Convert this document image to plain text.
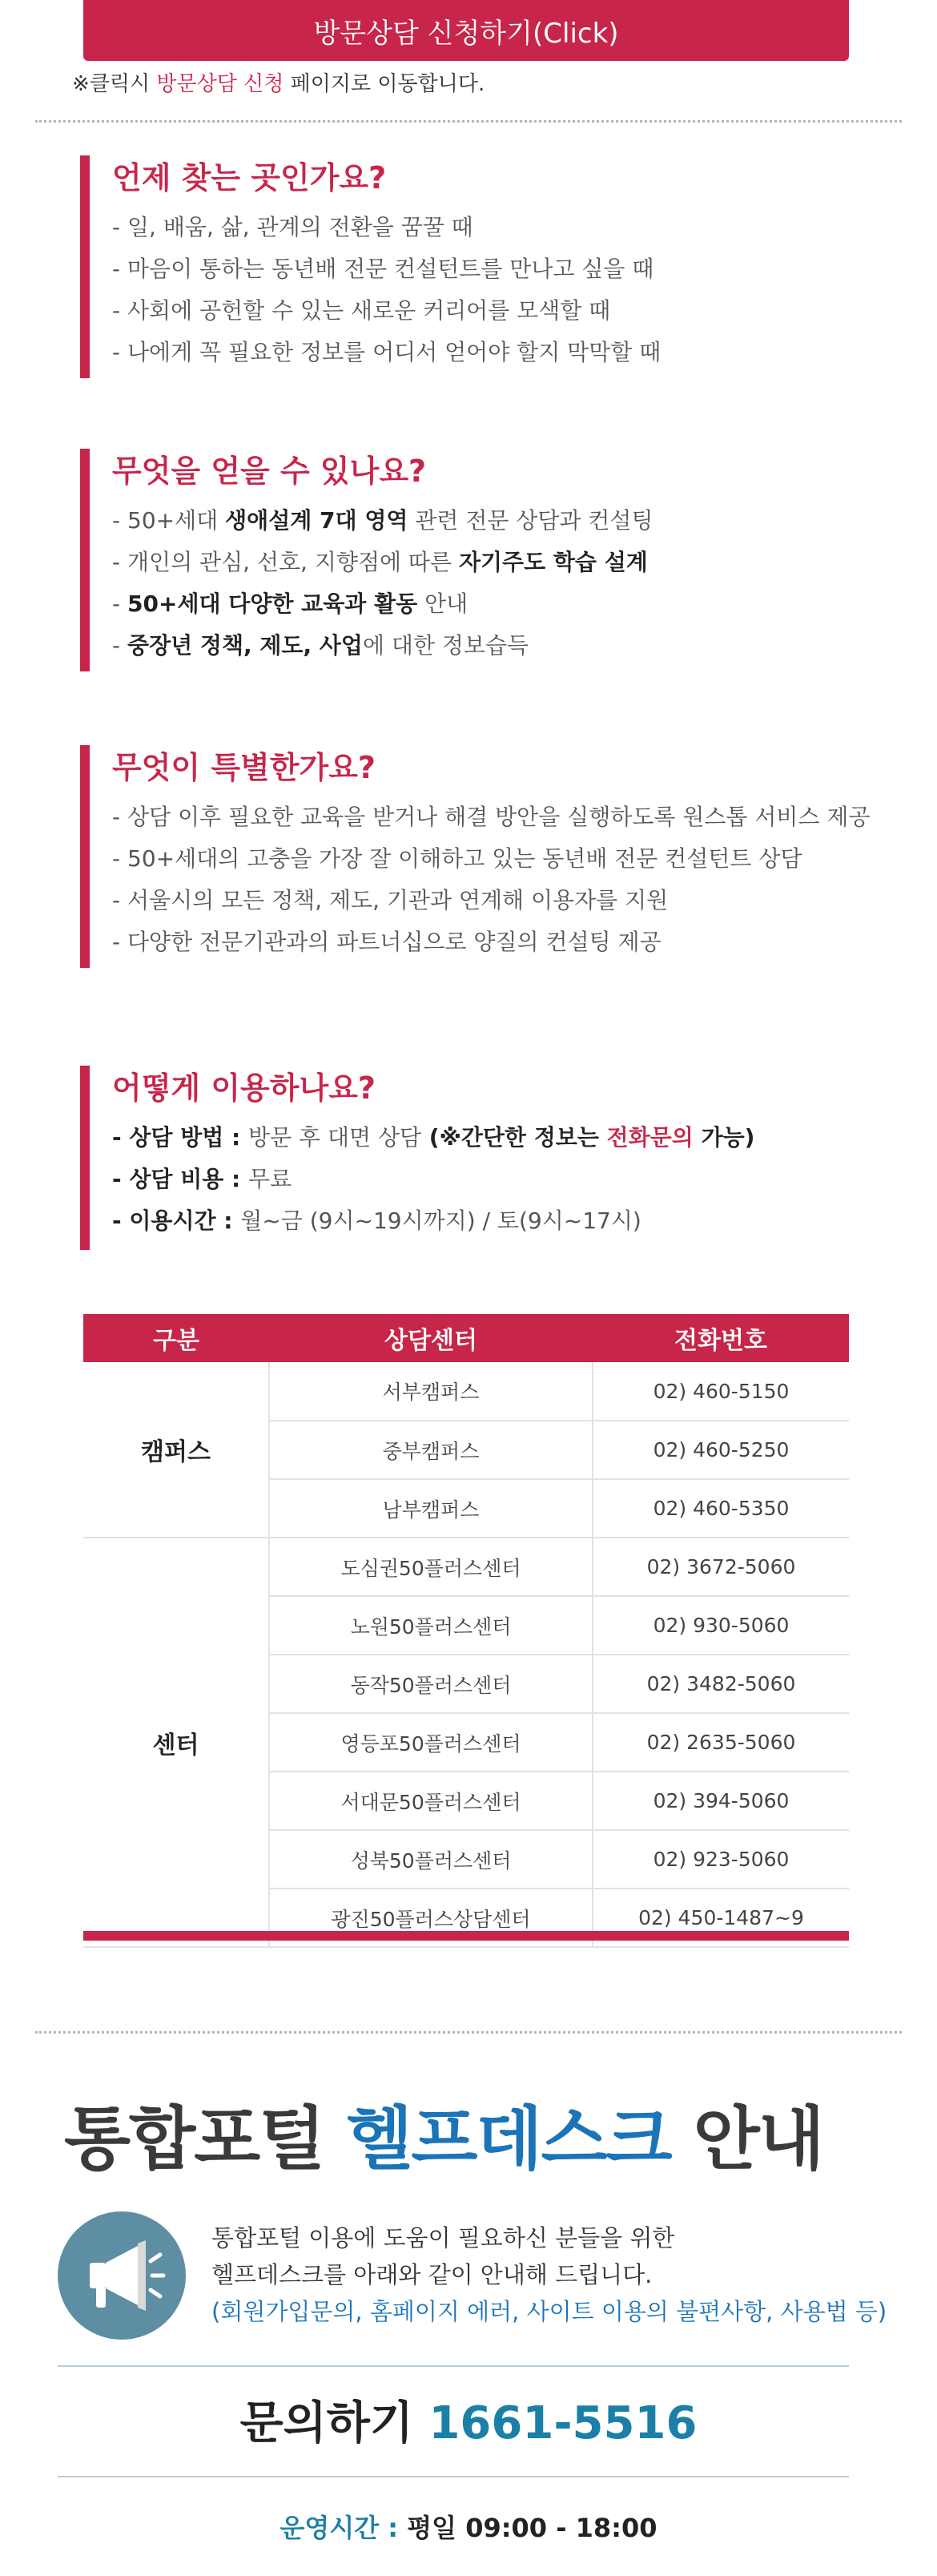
방문상담 신청하기(Click)
※클릭시 방문상담 신청 페이지로 이동합니다.
언제 찾는 곳인가요?
- 일, 배움, 삶, 관계의 전환을 꿈꿀 때
- 마음이 통하는 동년배 전문 컨설턴트를 만나고 싶을 때
- 사회에 공헌할 수 있는 새로운 커리어를 모색할 때
- 나에게 꼭 필요한 정보를 어디서 얻어야 할지 막막할 때
무엇을 얻을 수 있나요?
- 50+세대 생애설계 7대 영역 관련 전문 상담과 컨설팅
- 개인의 관심, 선호, 지향점에 따른 자기주도 학습 설계
- 50+세대 다양한 교육과 활동 안내
- 중장년 정책, 제도, 사업에 대한 정보습득
무엇이 특별한가요?
- 상담 이후 필요한 교육을 받거나 해결 방안을 실행하도록 원스톱 서비스 제공
- 50+세대의 고충을 가장 잘 이해하고 있는 동년배 전문 컨설턴트 상담
- 서울시의 모든 정책, 제도, 기관과 연계해 이용자를 지원
- 다양한 전문기관과의 파트너십으로 양질의 컨설팅 제공
어떻게 이용하나요?
- 상담 방법 : 방문 후 대면 상담 (※간단한 정보는 전화문의 가능)
- 상담 비용 : 무료
- 이용시간 : 월~금 (9시~19시까지) / 토(9시~17시)
구분	상담센터	전화번호
캠퍼스	서부캠퍼스	02) 460-5150
	중부캠퍼스	02) 460-5250
	남부캠퍼스	02) 460-5350
센터	도심권50플러스센터	02) 3672-5060
	노원50플러스센터	02) 930-5060
	동작50플러스센터	02) 3482-5060
	영등포50플러스센터	02) 2635-5060
	서대문50플러스센터	02) 394-5060
	성북50플러스센터	02) 923-5060
	광진50플러스상담센터	02) 450-1487~9
통합포털 헬프데스크 안내
통합포털 이용에 도움이 필요하신 분들을 위한
헬프데스크를 아래와 같이 안내해 드립니다.
(회원가입문의, 홈페이지 에러, 사이트 이용의 불편사항, 사용법 등)
문의하기 1661-5516
운영시간 : 평일 09:00 - 18:00
